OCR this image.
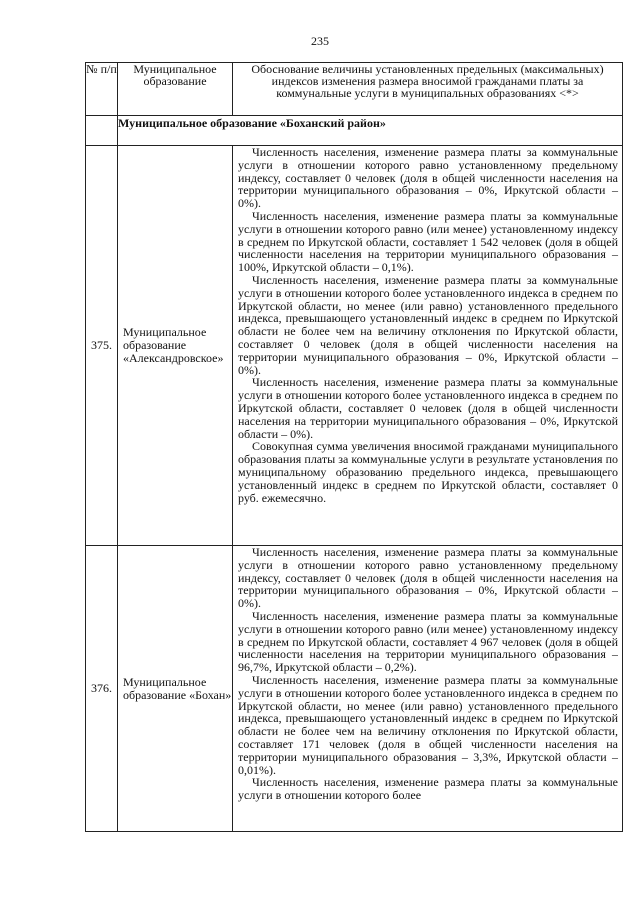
235
№ п/п	Муниципальное образование	Обоснование величины установленных предельных (максимальных) индексов изменения размера вносимой гражданами платы за коммунальные услуги в муниципальных образованиях <*>
	Муниципальное образование «Боханский район»	
375.	Муниципальное образование «Александровское»	Численность населения, изменение размера платы за коммунальные услуги в отношении которого равно установленному предельному индексу, составляет 0 человек (доля в общей численности населения на территории муниципального образования – 0%, Иркутской области – 0%).

Численность населения, изменение размера платы за коммунальные услуги в отношении которого равно (или менее) установленному индексу в среднем по Иркутской области, составляет 1 542 человек (доля в общей численности населения на территории муниципального образования – 100%, Иркутской области – 0,1%).

Численность населения, изменение размера платы за коммунальные услуги в отношении которого более установленного индекса в среднем по Иркутской области, но менее (или равно) установленного предельного индекса, превышающего установленный индекс в среднем по Иркутской области не более чем на величину отклонения по Иркутской области, составляет 0 человек (доля в общей численности населения на территории муниципального образования – 0%, Иркутской области – 0%).

Численность населения, изменение размера платы за коммунальные услуги в отношении которого более установленного индекса в среднем по Иркутской области, составляет 0 человек (доля в общей численности населения на территории муниципального образования – 0%, Иркутской области – 0%).

Совокупная сумма увеличения вносимой гражданами муниципального образования платы за коммунальные услуги в результате установления по муниципальному образованию предельного индекса, превышающего установленный индекс в среднем по Иркутской области, составляет 0 руб. ежемесячно.

376.	Муниципальное образование «Бохан»	Численность населения, изменение размера платы за коммунальные услуги в отношении которого равно установленному предельному индексу, составляет 0 человек (доля в общей численности населения на территории муниципального образования – 0%, Иркутской области – 0%).

Численность населения, изменение размера платы за коммунальные услуги в отношении которого равно (или менее) установленному индексу в среднем по Иркутской области, составляет 4 967 человек (доля в общей численности населения на территории муниципального образования – 96,7%, Иркутской области – 0,2%).

Численность населения, изменение размера платы за коммунальные услуги в отношении которого более установленного индекса в среднем по Иркутской области, но менее (или равно) установленного предельного индекса, превышающего установленный индекс в среднем по Иркутской области не более чем на величину отклонения по Иркутской области, составляет 171 человек (доля в общей численности населения на территории муниципального образования – 3,3%, Иркутской области – 0,01%).

Численность населения, изменение размера платы за коммунальные услуги в отношении которого более
